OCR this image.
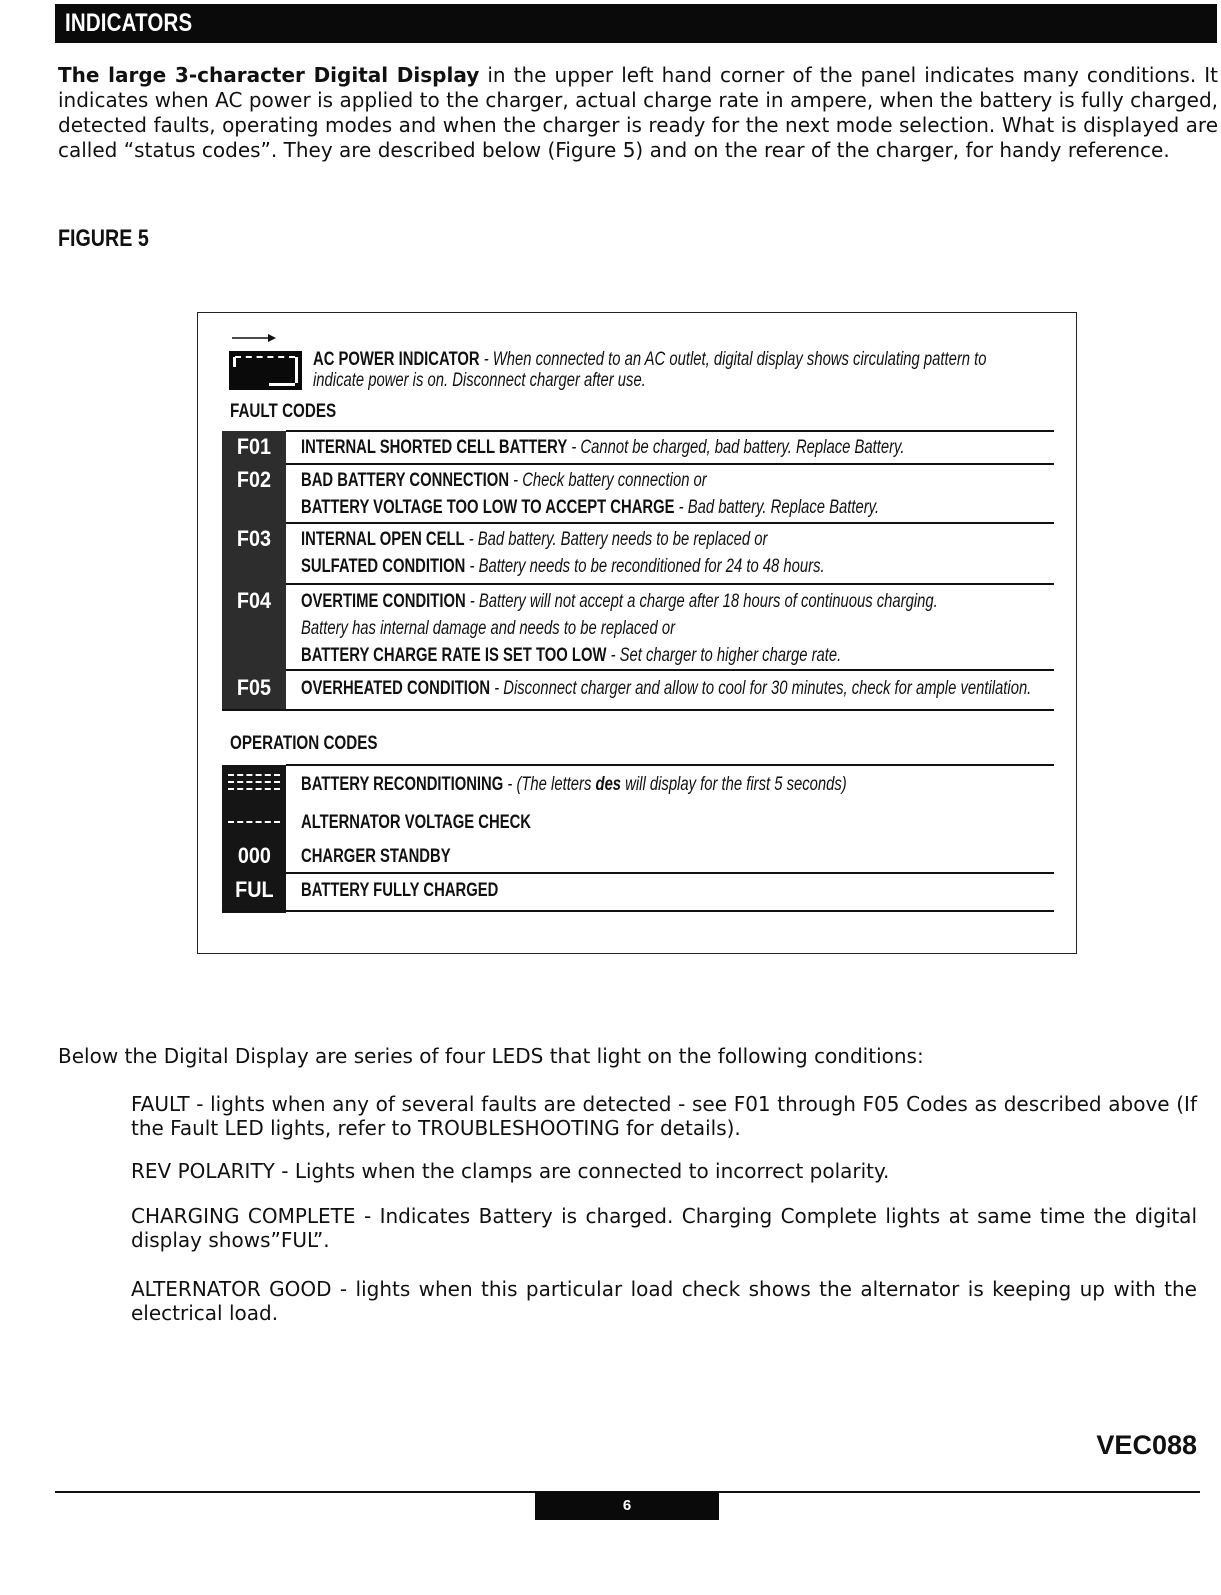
INDICATORS

The large 3-character Digital Display in the upper left hand corner of the panel indicates many conditions. It indicates when AC power is applied to the charger, actual charge rate in ampere, when the battery is fully charged, detected faults, operating modes and when the charger is ready for the next mode selection. What is displayed are called “status codes”. They are described below (Figure 5) and on the rear of the charger, for handy reference.

FIGURE 5
AC POWER INDICATOR - When connected to an AC outlet, digital display shows circulating pattern to
indicate power is on. Disconnect charger after use.
FAULT CODES
F01	INTERNAL SHORTED CELL BATTERY - Cannot be charged, bad battery. Replace Battery.
F02	BAD BATTERY CONNECTION - Check battery connection or
BATTERY VOLTAGE TOO LOW TO ACCEPT CHARGE - Bad battery. Replace Battery.
F03	INTERNAL OPEN CELL - Bad battery. Battery needs to be replaced or
SULFATED CONDITION - Battery needs to be reconditioned for 24 to 48 hours.
F04	OVERTIME CONDITION - Battery will not accept a charge after 18 hours of continuous charging.
Battery has internal damage and needs to be replaced or
BATTERY CHARGE RATE IS SET TOO LOW - Set charger to higher charge rate.
F05	OVERHEATED CONDITION - Disconnect charger and allow to cool for 30 minutes, check for ample ventilation.
OPERATION CODES
BATTERY RECONDITIONING - (The letters des will display for the first 5 seconds)
ALTERNATOR VOLTAGE CHECK
000	CHARGER STANDBY
FUL	BATTERY FULLY CHARGED

Below the Digital Display are series of four LEDS that light on the following conditions:

FAULT - lights when any of several faults are detected - see F01 through F05 Codes as described above (If the Fault LED lights, refer to TROUBLESHOOTING for details).

REV POLARITY - Lights when the clamps are connected to incorrect polarity.

CHARGING COMPLETE - Indicates Battery is charged. Charging Complete lights at same time the digital display shows”FUL”.

ALTERNATOR GOOD - lights when this particular load check shows the alternator is keeping up with the electrical load.

VEC088
6
